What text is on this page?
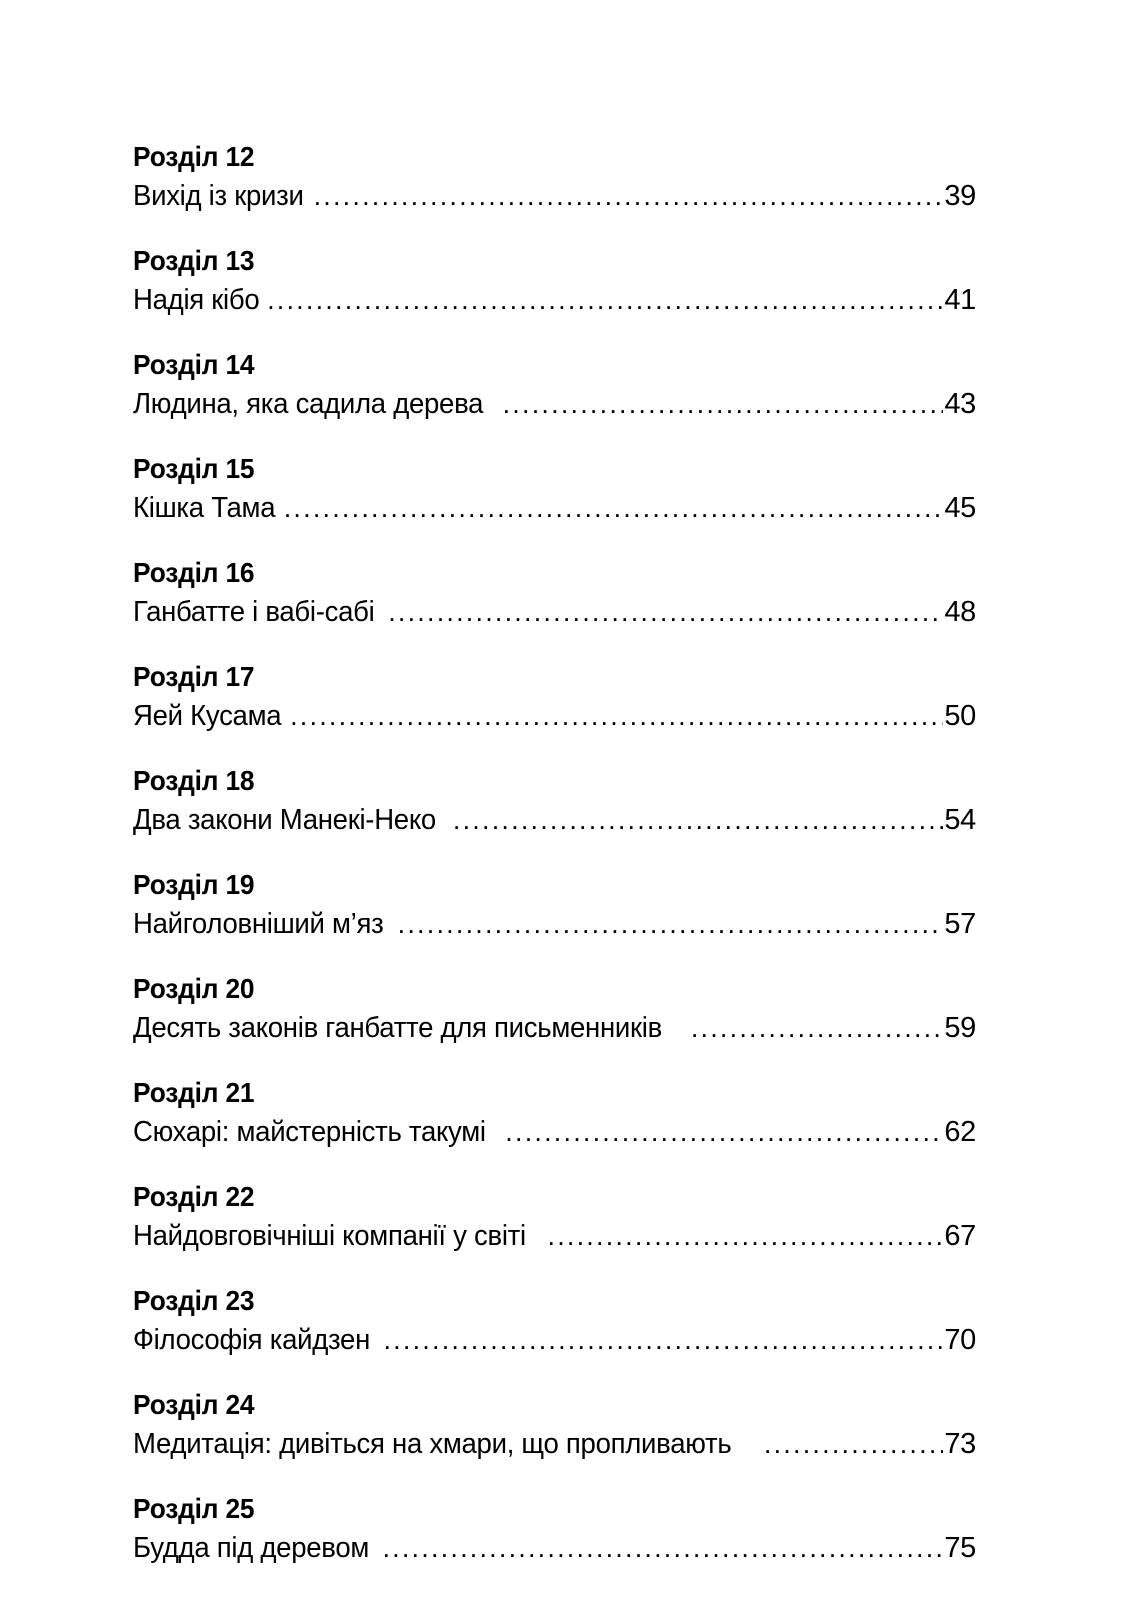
Розділ 12
Вихід із кризи .....	39
Розділ 13
Надія кібо .....	41
Розділ 14
Людина, яка садила дерева .....	43
Розділ 15
Кішка Тама .....	45
Розділ 16
Ганбатте і вабі-сабі .....	48
Розділ 17
Яей Кусама .....	50
Розділ 18
Два закони Манекі-Неко .....	54
Розділ 19
Найголовніший м’яз .....	57
Розділ 20
Десять законів ганбатте для письменників .....	59
Розділ 21
Сюхарі: майстерність такумі .....	62
Розділ 22
Найдовговічніші компанії у світі .....	67
Розділ 23
Філософія кайдзен .....	70
Розділ 24
Медитація: дивіться на хмари, що пропливають .....	73
Розділ 25
Будда під деревом .....	75
